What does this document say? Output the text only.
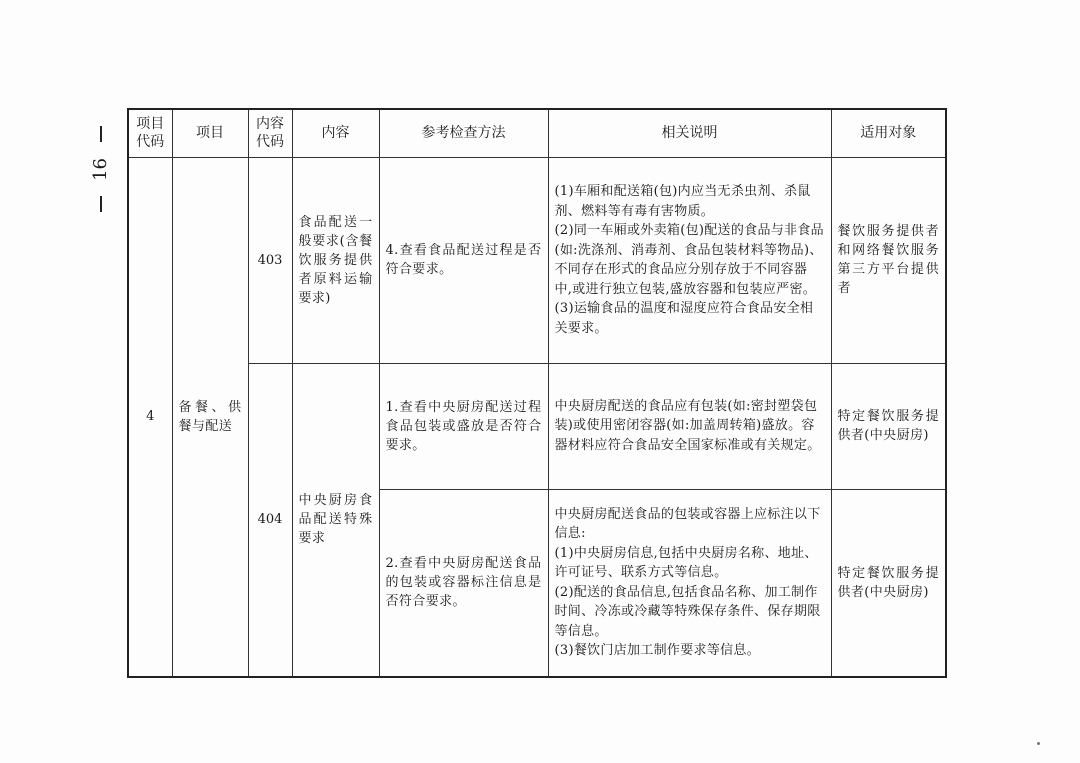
16
项目代码	项目	内容代码	内容	参考检查方法	相关说明	适用对象
4	备餐、供餐与配送	403	食品配送一般要求(含餐饮服务提供者原料运输要求)	4.查看食品配送过程是否符合要求。	(1)车厢和配送箱(包)内应当无杀虫剂、杀鼠剂、燃料等有毒有害物质。
(2)同一车厢或外卖箱(包)配送的食品与非食品(如:洗涤剂、消毒剂、食品包装材料等物品)、不同存在形式的食品应分别存放于不同容器中,或进行独立包装,盛放容器和包装应严密。
(3)运输食品的温度和湿度应符合食品安全相关要求。	餐饮服务提供者和网络餐饮服务第三方平台提供者
		404	中央厨房食品配送特殊要求	1.查看中央厨房配送过程食品包装或盛放是否符合要求。	中央厨房配送的食品应有包装(如:密封塑袋包装)或使用密闭容器(如:加盖周转箱)盛放。容器材料应符合食品安全国家标准或有关规定。	特定餐饮服务提供者(中央厨房)
				2.查看中央厨房配送食品的包装或容器标注信息是否符合要求。	中央厨房配送食品的包装或容器上应标注以下信息:
(1)中央厨房信息,包括中央厨房名称、地址、许可证号、联系方式等信息。
(2)配送的食品信息,包括食品名称、加工制作时间、冷冻或冷藏等特殊保存条件、保存期限等信息。
(3)餐饮门店加工制作要求等信息。	特定餐饮服务提供者(中央厨房)
